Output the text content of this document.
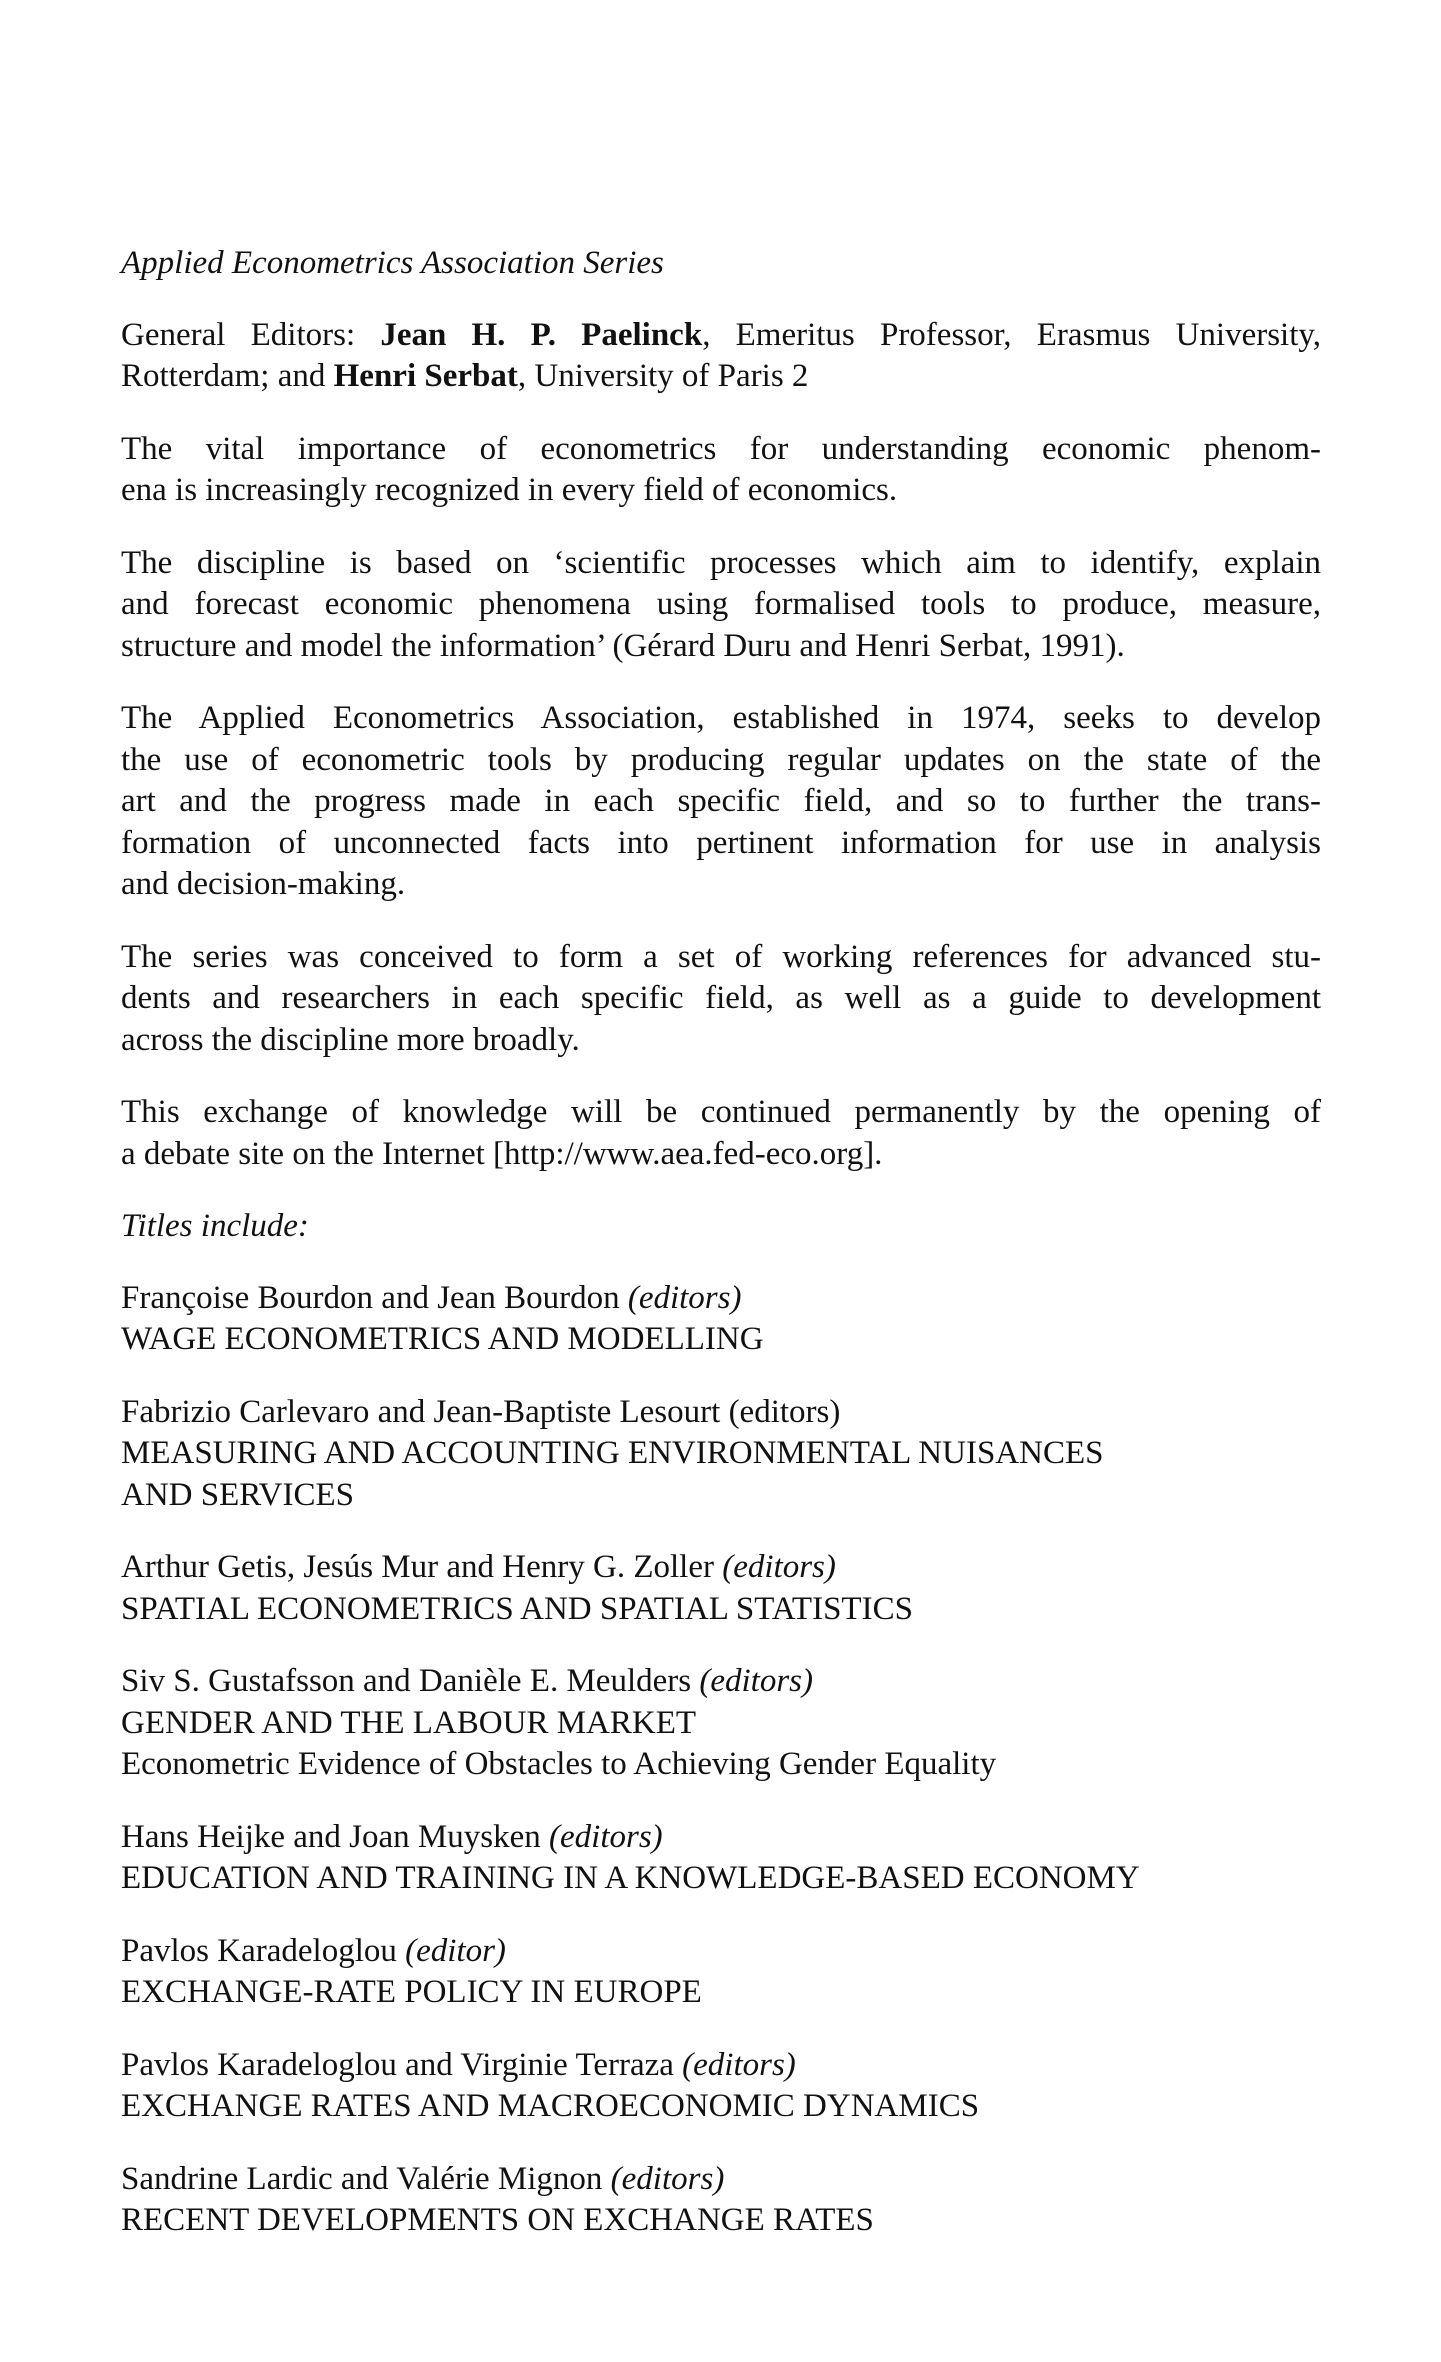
Applied Econometrics Association Series
General Editors: Jean H. P. Paelinck, Emeritus Professor, Erasmus University,
Rotterdam; and Henri Serbat, University of Paris 2
The vital importance of econometrics for understanding economic phenom-
ena is increasingly recognized in every field of economics.
The discipline is based on ‘scientific processes which aim to identify, explain
and forecast economic phenomena using formalised tools to produce, measure,
structure and model the information’ (Gérard Duru and Henri Serbat, 1991).
The Applied Econometrics Association, established in 1974, seeks to develop
the use of econometric tools by producing regular updates on the state of the
art and the progress made in each specific field, and so to further the trans-
formation of unconnected facts into pertinent information for use in analysis
and decision-making.
The series was conceived to form a set of working references for advanced stu-
dents and researchers in each specific field, as well as a guide to development
across the discipline more broadly.
This exchange of knowledge will be continued permanently by the opening of
a debate site on the Internet [http://www.aea.fed-eco.org].
Titles include:
Françoise Bourdon and Jean Bourdon (editors)
WAGE ECONOMETRICS AND MODELLING
Fabrizio Carlevaro and Jean-Baptiste Lesourt (editors)
MEASURING AND ACCOUNTING ENVIRONMENTAL NUISANCES
AND SERVICES
Arthur Getis, Jesús Mur and Henry G. Zoller (editors)
SPATIAL ECONOMETRICS AND SPATIAL STATISTICS
Siv S. Gustafsson and Danièle E. Meulders (editors)
GENDER AND THE LABOUR MARKET
Econometric Evidence of Obstacles to Achieving Gender Equality
Hans Heijke and Joan Muysken (editors)
EDUCATION AND TRAINING IN A KNOWLEDGE-BASED ECONOMY
Pavlos Karadeloglou (editor)
EXCHANGE-RATE POLICY IN EUROPE
Pavlos Karadeloglou and Virginie Terraza (editors)
EXCHANGE RATES AND MACROECONOMIC DYNAMICS
Sandrine Lardic and Valérie Mignon (editors)
RECENT DEVELOPMENTS ON EXCHANGE RATES
